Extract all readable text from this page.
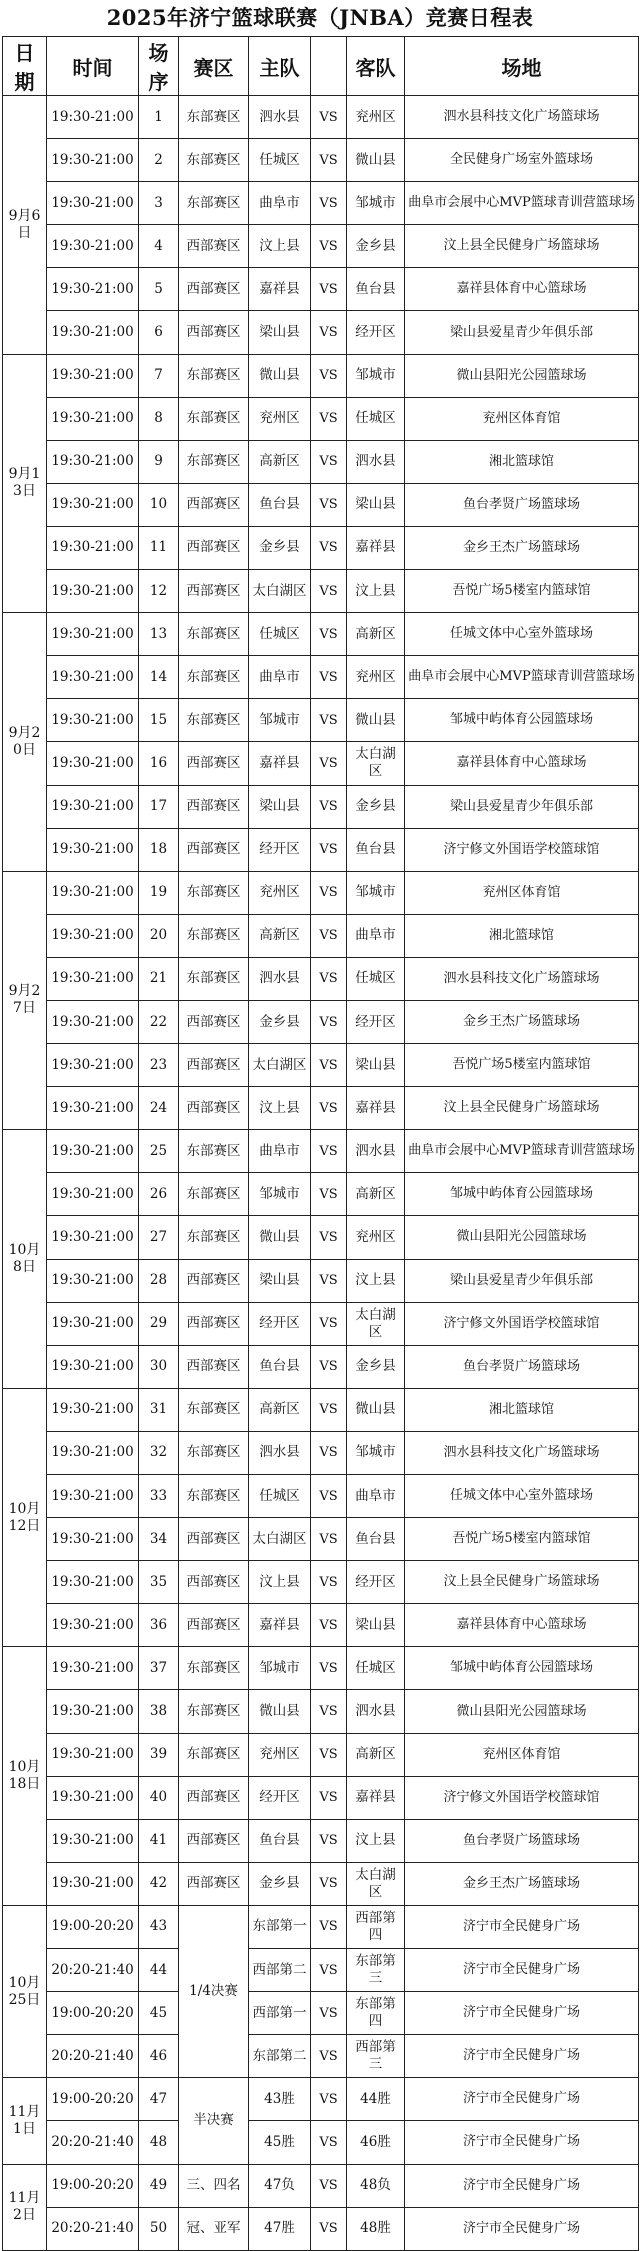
2025年济宁篮球联赛（JNBA）竞赛日程表
日期	时间	场序	赛区	主队		客队	场地
9月6日	19:30-21:00	1	东部赛区	泗水县	VS	兖州区	泗水县科技文化广场篮球场
	19:30-21:00	2	东部赛区	任城区	VS	微山县	全民健身广场室外篮球场
	19:30-21:00	3	东部赛区	曲阜市	VS	邹城市	曲阜市会展中心MVP篮球青训营篮球场
	19:30-21:00	4	西部赛区	汶上县	VS	金乡县	汶上县全民健身广场篮球场
	19:30-21:00	5	西部赛区	嘉祥县	VS	鱼台县	嘉祥县体育中心篮球场
	19:30-21:00	6	西部赛区	梁山县	VS	经开区	梁山县爱星青少年俱乐部
9月13日	19:30-21:00	7	东部赛区	微山县	VS	邹城市	微山县阳光公园篮球场
	19:30-21:00	8	东部赛区	兖州区	VS	任城区	兖州区体育馆
	19:30-21:00	9	东部赛区	高新区	VS	泗水县	湘北篮球馆
	19:30-21:00	10	西部赛区	鱼台县	VS	梁山县	鱼台孝贤广场篮球场
	19:30-21:00	11	西部赛区	金乡县	VS	嘉祥县	金乡王杰广场篮球场
	19:30-21:00	12	西部赛区	太白湖区	VS	汶上县	吾悦广场5楼室内篮球馆
9月20日	19:30-21:00	13	东部赛区	任城区	VS	高新区	任城文体中心室外篮球场
	19:30-21:00	14	东部赛区	曲阜市	VS	兖州区	曲阜市会展中心MVP篮球青训营篮球场
	19:30-21:00	15	东部赛区	邹城市	VS	微山县	邹城中屿体育公园篮球场
	19:30-21:00	16	西部赛区	嘉祥县	VS	太白湖区	嘉祥县体育中心篮球场
	19:30-21:00	17	西部赛区	梁山县	VS	金乡县	梁山县爱星青少年俱乐部
	19:30-21:00	18	西部赛区	经开区	VS	鱼台县	济宁修文外国语学校篮球馆
9月27日	19:30-21:00	19	东部赛区	兖州区	VS	邹城市	兖州区体育馆
	19:30-21:00	20	东部赛区	高新区	VS	曲阜市	湘北篮球馆
	19:30-21:00	21	东部赛区	泗水县	VS	任城区	泗水县科技文化广场篮球场
	19:30-21:00	22	西部赛区	金乡县	VS	经开区	金乡王杰广场篮球场
	19:30-21:00	23	西部赛区	太白湖区	VS	梁山县	吾悦广场5楼室内篮球馆
	19:30-21:00	24	西部赛区	汶上县	VS	嘉祥县	汶上县全民健身广场篮球场
10月8日	19:30-21:00	25	东部赛区	曲阜市	VS	泗水县	曲阜市会展中心MVP篮球青训营篮球场
	19:30-21:00	26	东部赛区	邹城市	VS	高新区	邹城中屿体育公园篮球场
	19:30-21:00	27	东部赛区	微山县	VS	兖州区	微山县阳光公园篮球场
	19:30-21:00	28	西部赛区	梁山县	VS	汶上县	梁山县爱星青少年俱乐部
	19:30-21:00	29	西部赛区	经开区	VS	太白湖区	济宁修文外国语学校篮球馆
	19:30-21:00	30	西部赛区	鱼台县	VS	金乡县	鱼台孝贤广场篮球场
10月12日	19:30-21:00	31	东部赛区	高新区	VS	微山县	湘北篮球馆
	19:30-21:00	32	东部赛区	泗水县	VS	邹城市	泗水县科技文化广场篮球场
	19:30-21:00	33	东部赛区	任城区	VS	曲阜市	任城文体中心室外篮球场
	19:30-21:00	34	西部赛区	太白湖区	VS	鱼台县	吾悦广场5楼室内篮球馆
	19:30-21:00	35	西部赛区	汶上县	VS	经开区	汶上县全民健身广场篮球场
	19:30-21:00	36	西部赛区	嘉祥县	VS	梁山县	嘉祥县体育中心篮球场
10月18日	19:30-21:00	37	东部赛区	邹城市	VS	任城区	邹城中屿体育公园篮球场
	19:30-21:00	38	东部赛区	微山县	VS	泗水县	微山县阳光公园篮球场
	19:30-21:00	39	东部赛区	兖州区	VS	高新区	兖州区体育馆
	19:30-21:00	40	西部赛区	经开区	VS	嘉祥县	济宁修文外国语学校篮球馆
	19:30-21:00	41	西部赛区	鱼台县	VS	汶上县	鱼台孝贤广场篮球场
	19:30-21:00	42	西部赛区	金乡县	VS	太白湖区	金乡王杰广场篮球场
10月25日	19:00-20:20	43	1/4决赛	东部第一	VS	西部第四	济宁市全民健身广场
	20:20-21:40	44		西部第二	VS	东部第三	济宁市全民健身广场
	19:00-20:20	45		西部第一	VS	东部第四	济宁市全民健身广场
	20:20-21:40	46		东部第二	VS	西部第三	济宁市全民健身广场
11月1日	19:00-20:20	47	半决赛	43胜	VS	44胜	济宁市全民健身广场
	20:20-21:40	48		45胜	VS	46胜	济宁市全民健身广场
11月2日	19:00-20:20	49	三、四名	47负	VS	48负	济宁市全民健身广场
	20:20-21:40	50	冠、亚军	47胜	VS	48胜	济宁市全民健身广场
